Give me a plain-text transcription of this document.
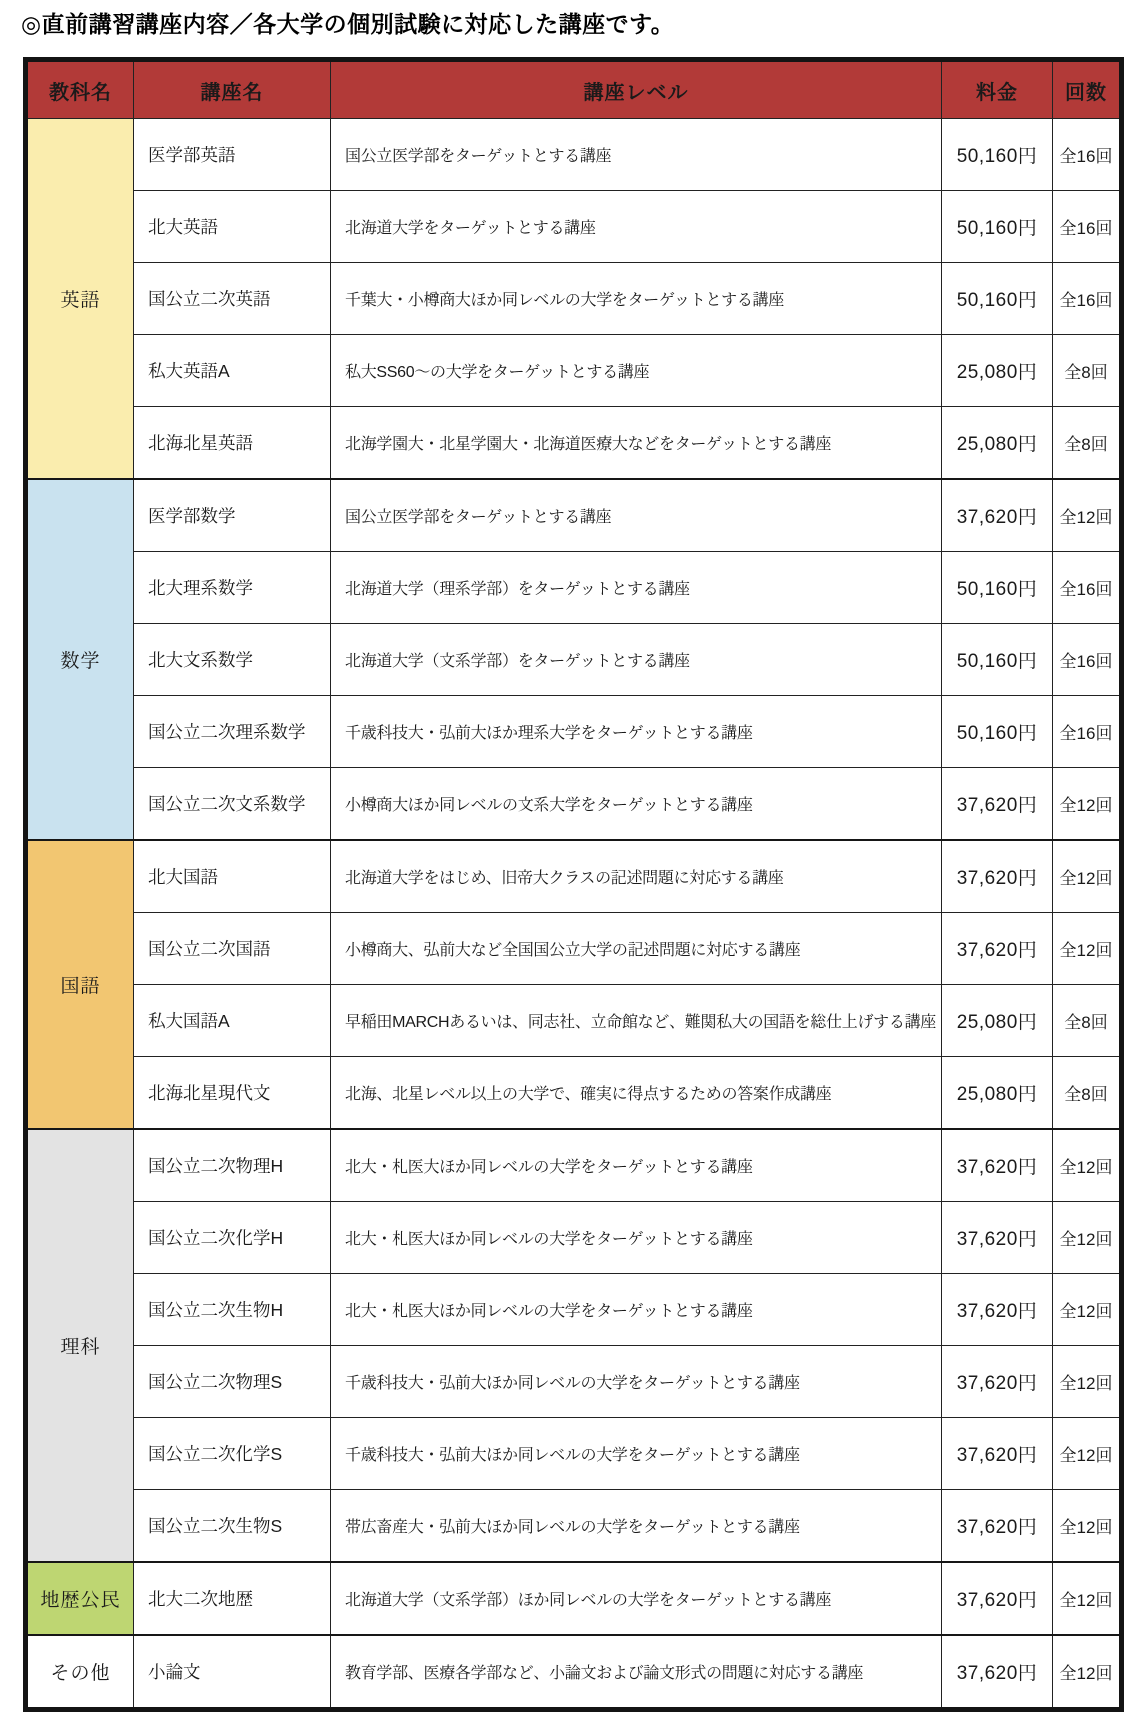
◎直前講習講座内容／各大学の個別試験に対応した講座です。
教科名	講座名	講座レベル	料金	回数
英語	医学部英語	国公立医学部をターゲットとする講座	50,160円	全16回
	北大英語	北海道大学をターゲットとする講座	50,160円	全16回
	国公立二次英語	千葉大・小樽商大ほか同レベルの大学をターゲットとする講座	50,160円	全16回
	私大英語A	私大SS60〜の大学をターゲットとする講座	25,080円	全8回
	北海北星英語	北海学園大・北星学園大・北海道医療大などをターゲットとする講座	25,080円	全8回
数学	医学部数学	国公立医学部をターゲットとする講座	37,620円	全12回
	北大理系数学	北海道大学（理系学部）をターゲットとする講座	50,160円	全16回
	北大文系数学	北海道大学（文系学部）をターゲットとする講座	50,160円	全16回
	国公立二次理系数学	千歳科技大・弘前大ほか理系大学をターゲットとする講座	50,160円	全16回
	国公立二次文系数学	小樽商大ほか同レベルの文系大学をターゲットとする講座	37,620円	全12回
国語	北大国語	北海道大学をはじめ、旧帝大クラスの記述問題に対応する講座	37,620円	全12回
	国公立二次国語	小樽商大、弘前大など全国国公立大学の記述問題に対応する講座	37,620円	全12回
	私大国語A	早稲田MARCHあるいは、同志社、立命館など、難関私大の国語を総仕上げする講座	25,080円	全8回
	北海北星現代文	北海、北星レベル以上の大学で、確実に得点するための答案作成講座	25,080円	全8回
理科	国公立二次物理H	北大・札医大ほか同レベルの大学をターゲットとする講座	37,620円	全12回
	国公立二次化学H	北大・札医大ほか同レベルの大学をターゲットとする講座	37,620円	全12回
	国公立二次生物H	北大・札医大ほか同レベルの大学をターゲットとする講座	37,620円	全12回
	国公立二次物理S	千歳科技大・弘前大ほか同レベルの大学をターゲットとする講座	37,620円	全12回
	国公立二次化学S	千歳科技大・弘前大ほか同レベルの大学をターゲットとする講座	37,620円	全12回
	国公立二次生物S	帯広畜産大・弘前大ほか同レベルの大学をターゲットとする講座	37,620円	全12回
地歴公民	北大二次地歴	北海道大学（文系学部）ほか同レベルの大学をターゲットとする講座	37,620円	全12回
その他	小論文	教育学部、医療各学部など、小論文および論文形式の問題に対応する講座	37,620円	全12回
